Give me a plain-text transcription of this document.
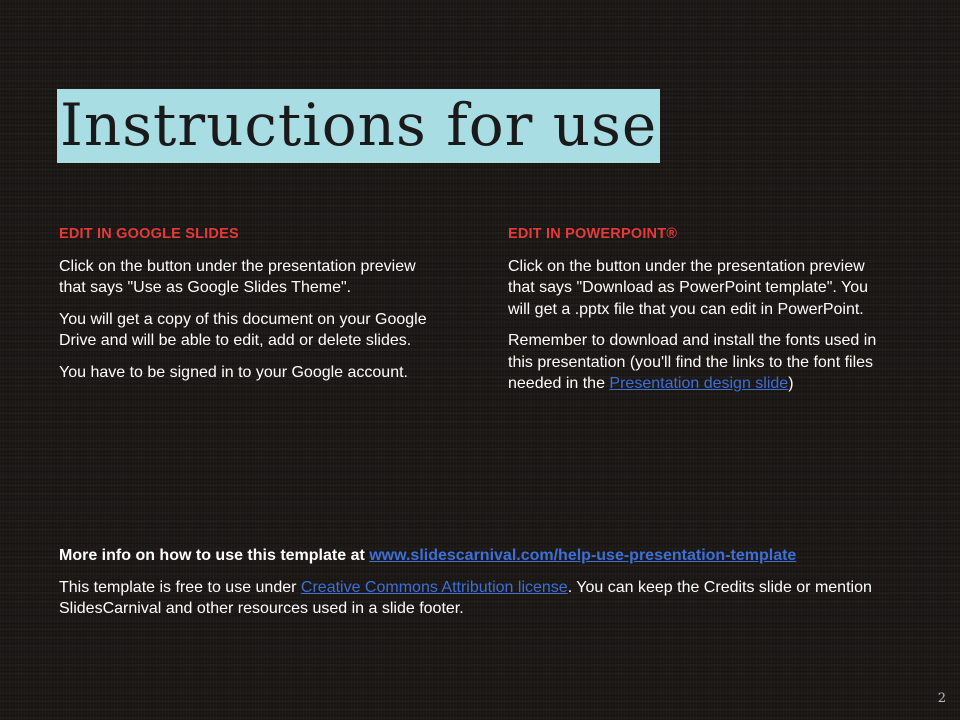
Instructions for use
EDIT IN GOOGLE SLIDES

Click on the button under the presentation preview that says "Use as Google Slides Theme".

You will get a copy of this document on your Google Drive and will be able to edit, add or delete slides.

You have to be signed in to your Google account.

EDIT IN POWERPOINT®

Click on the button under the presentation preview that says "Download as PowerPoint template". You will get a .pptx file that you can edit in PowerPoint.

Remember to download and install the fonts used in this presentation (you'll find the links to the font files needed in the Presentation design slide)

More info on how to use this template at www.slidescarnival.com/help-use-presentation-template

This template is free to use under Creative Commons Attribution license. You can keep the Credits slide or mention SlidesCarnival and other resources used in a slide footer.

2
